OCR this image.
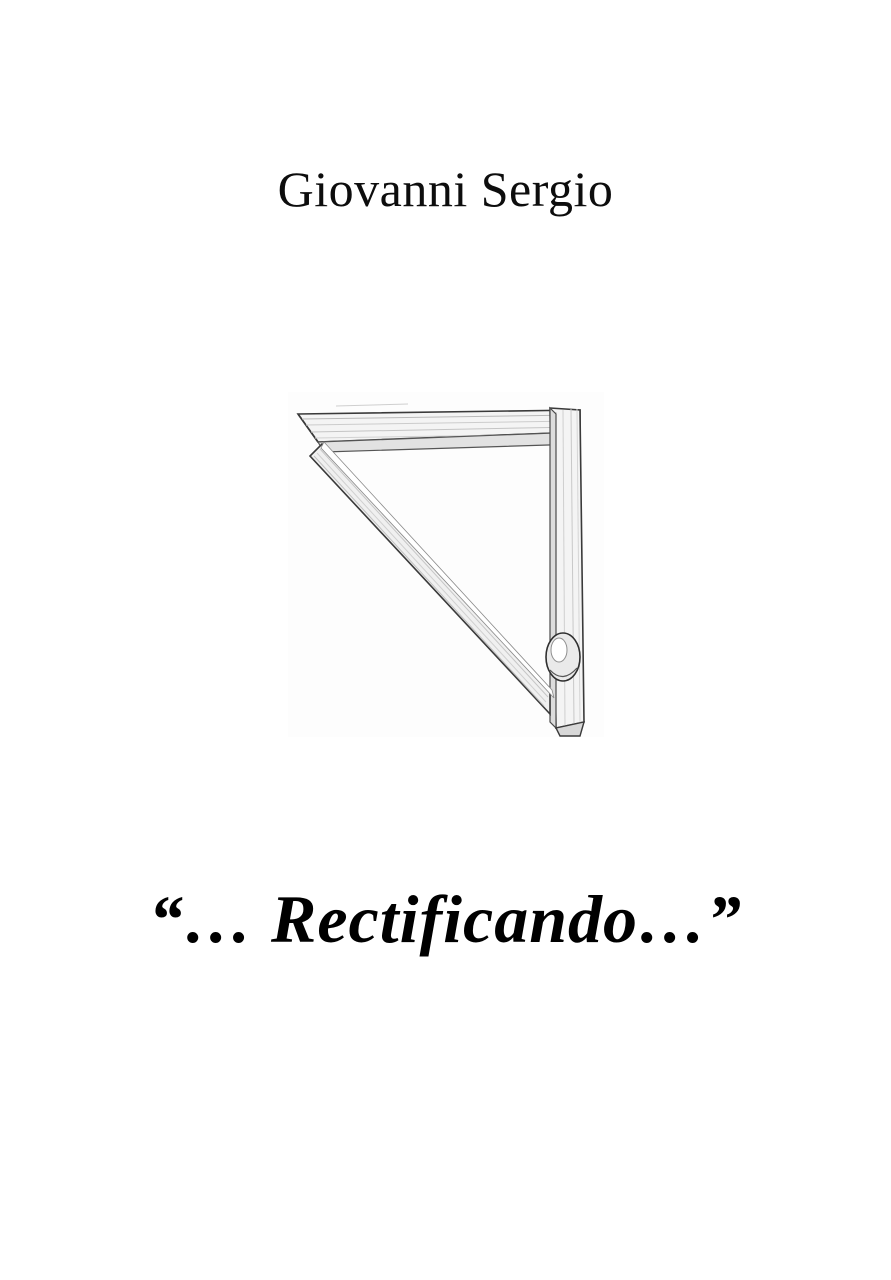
Giovanni Sergio
“… Rectificando…”
